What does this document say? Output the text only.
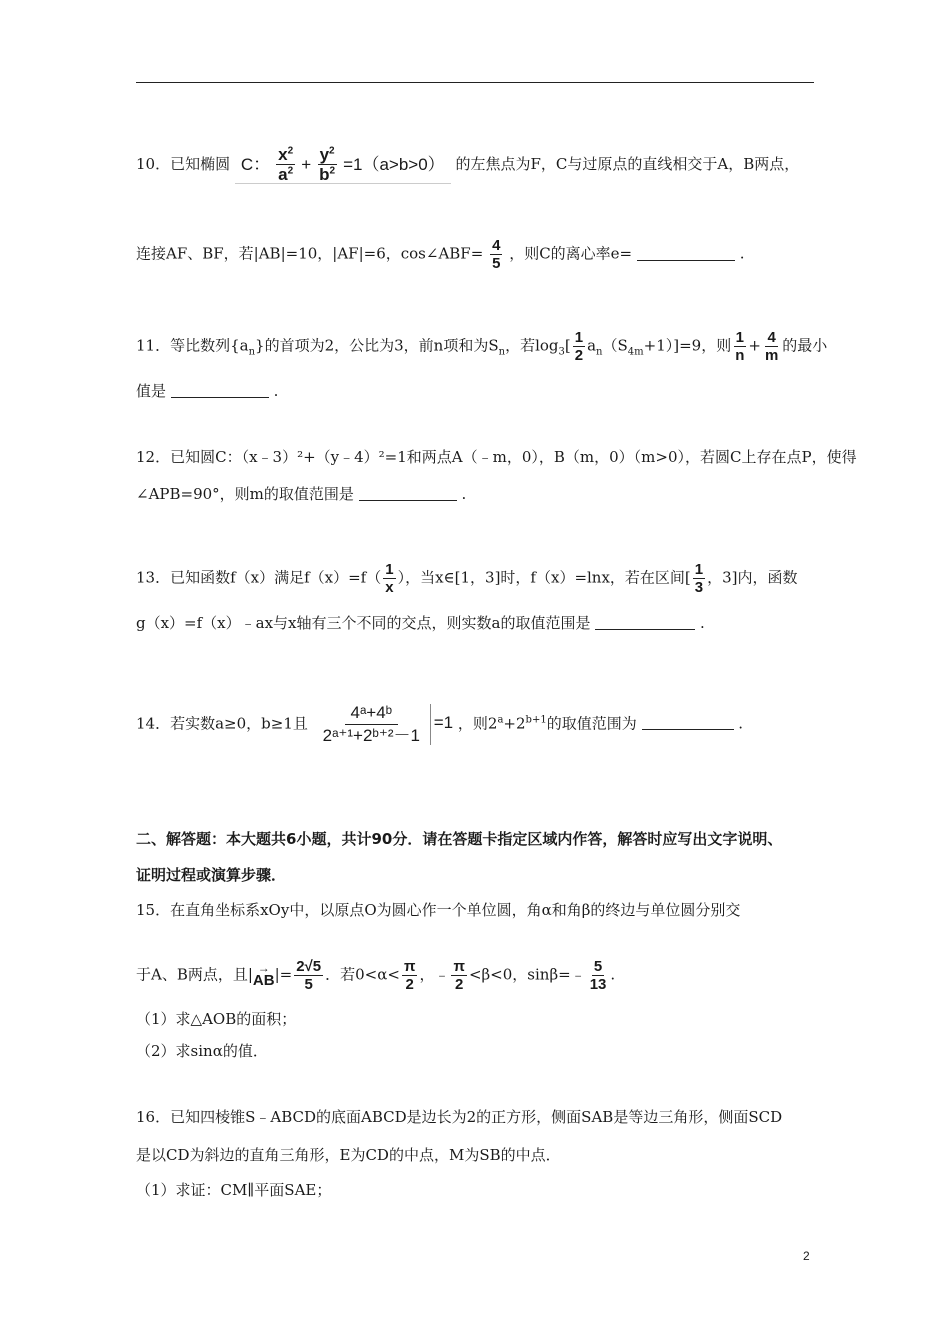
10．已知椭圆 C： $\frac{x^2}{a^2} + \frac{y^2}{b^2} =1(a>b>0)$ 的左焦点为F，C与过原点的直线相交于A，B两点，
连接AF、BF，若|AB|=10，|AF|=6，cos∠ABF= $\frac{4}{5}$ ，则C的离心率e=	.
11．等比数列$\{a_n\}$的首项为2，公比为3，前n项和为$S_n$，若$\log_3[ \frac{1}{2} a_n(S_{4m}+1)]=9$，则 $\frac{1}{n} + \frac{4}{m}$ 的最小
值是	.
12．已知圆C：（x﹣3）²+（y﹣4）²=1和两点A（﹣m，0），B（m，0）（m>0），若圆C上存在点P，使得
∠APB=90°，则m的取值范围是	.
13．已知函数f（x）满足$f(x)=f( \frac{1}{x}$ ），当x∈[1，3]时，f（x）=lnx，若在区间[ $\frac{1}{3}$ ，3]内，函数
g（x）=f（x）﹣ax与x轴有三个不同的交点，则实数a的取值范围是	.
14．若实数a≥0，b≥1且 $\frac{\text{4ᵃ+4ᵇ}}{\text{2ᵃ⁺¹+2ᵇ⁺²－1}} =1$ ，则$2^a+2^{b+1}$的取值范围为	.
二、解答题：本大题共6小题，共计90分．请在答题卡指定区域内作答，解答时应写出文字说明、
证明过程或演算步骤．
15．在直角坐标系xOy中，以原点O为圆心作一个单位圆，角α和角β的终边与单位圆分别交
于A、B两点，且| →
AB |= $\frac{2√5}{5}$ ．若$0<\alpha< \frac{\pi}{2}$ ，﹣ $\frac{\pi}{2} <\beta<0$，sinβ=﹣ $\frac{5}{13}$ .
（1）求△AOB的面积；
（2）求sinα的值．
16．已知四棱锥S﹣ABCD的底面ABCD是边长为2的正方形，侧面SAB是等边三角形，侧面SCD
是以CD为斜边的直角三角形，E为CD的中点，M为SB的中点．
（1）求证：CM∥平面SAE；
2
